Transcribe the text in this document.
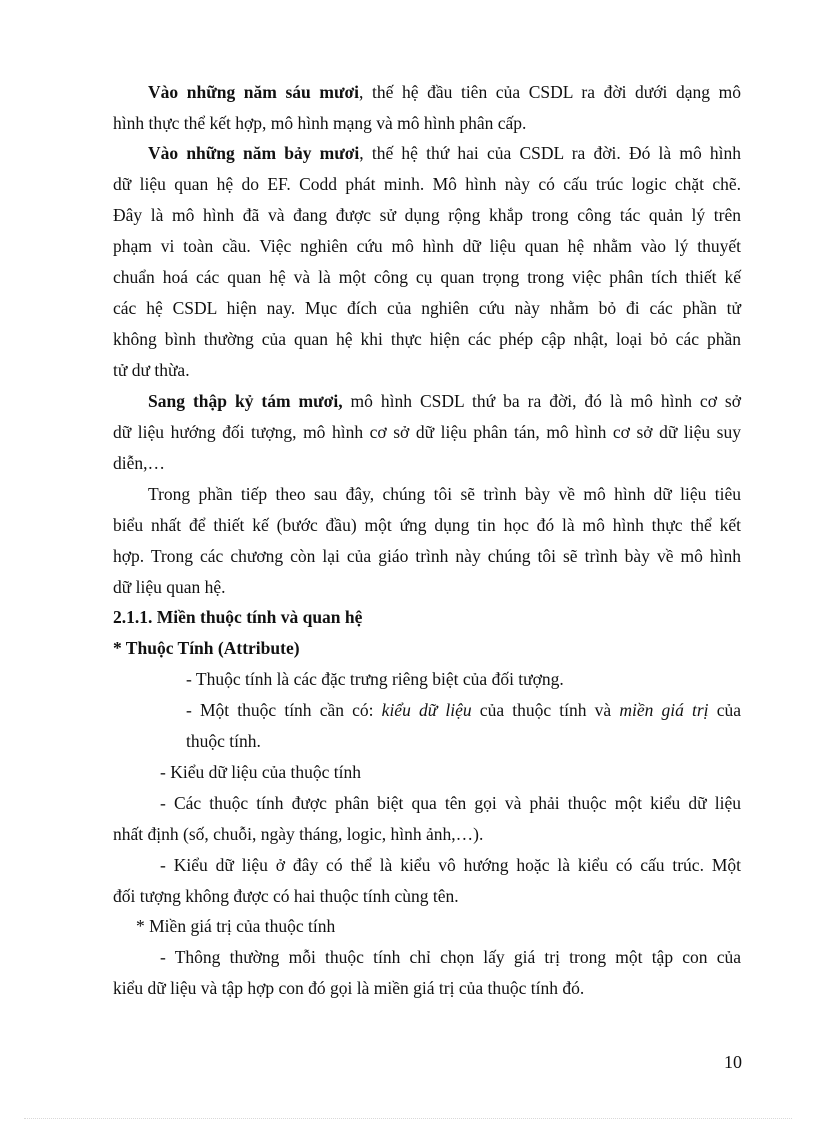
Vào những năm sáu mươi, thế hệ đầu tiên của CSDL ra đời dưới dạng mô

hình thực thể kết hợp, mô hình mạng và mô hình phân cấp.

Vào những năm bảy mươi, thế hệ thứ hai của CSDL ra đời. Đó là mô hình

dữ liệu quan hệ do EF. Codd phát minh. Mô hình này có cấu trúc logic chặt chẽ.

Đây là mô hình đã và đang được sử dụng rộng khắp trong công tác quản lý trên

phạm vi toàn cầu. Việc nghiên cứu mô hình dữ liệu quan hệ nhằm vào lý thuyết

chuẩn hoá các quan hệ và là một công cụ quan trọng trong việc phân tích thiết kế

các hệ CSDL hiện nay. Mục đích của nghiên cứu này nhằm bỏ đi các phần tử

không bình thường của quan hệ khi thực hiện các phép cập nhật, loại bỏ các phần

tử dư thừa.

Sang thập kỷ tám mươi, mô hình CSDL thứ ba ra đời, đó là mô hình cơ sở

dữ liệu hướng đối tượng, mô hình cơ sở dữ liệu phân tán, mô hình cơ sở dữ liệu suy

diễn,…

Trong phần tiếp theo sau đây, chúng tôi sẽ trình bày về mô hình dữ liệu tiêu

biểu nhất để thiết kế (bước đầu) một ứng dụng tin học đó là mô hình thực thể kết

hợp. Trong các chương còn lại của giáo trình này chúng tôi sẽ trình bày về mô hình

dữ liệu quan hệ.

2.1.1. Miền thuộc tính và quan hệ

* Thuộc Tính (Attribute)

- Thuộc tính là các đặc trưng riêng biệt của đối tượng.

- Một thuộc tính cần có: kiểu dữ liệu của thuộc tính và miền giá trị của

thuộc tính.

- Kiểu dữ liệu của thuộc tính

- Các thuộc tính được phân biệt qua tên gọi và phải thuộc một kiểu dữ liệu

nhất định (số, chuỗi, ngày tháng, logic, hình ảnh,…).

- Kiểu dữ liệu ở đây có thể là kiểu vô hướng hoặc là kiểu có cấu trúc. Một

đối tượng không được có hai thuộc tính cùng tên.

* Miền giá trị của thuộc tính

- Thông thường mỗi thuộc tính chỉ chọn lấy giá trị trong một tập con của

kiểu dữ liệu và tập hợp con đó gọi là miền giá trị của thuộc tính đó.

10
